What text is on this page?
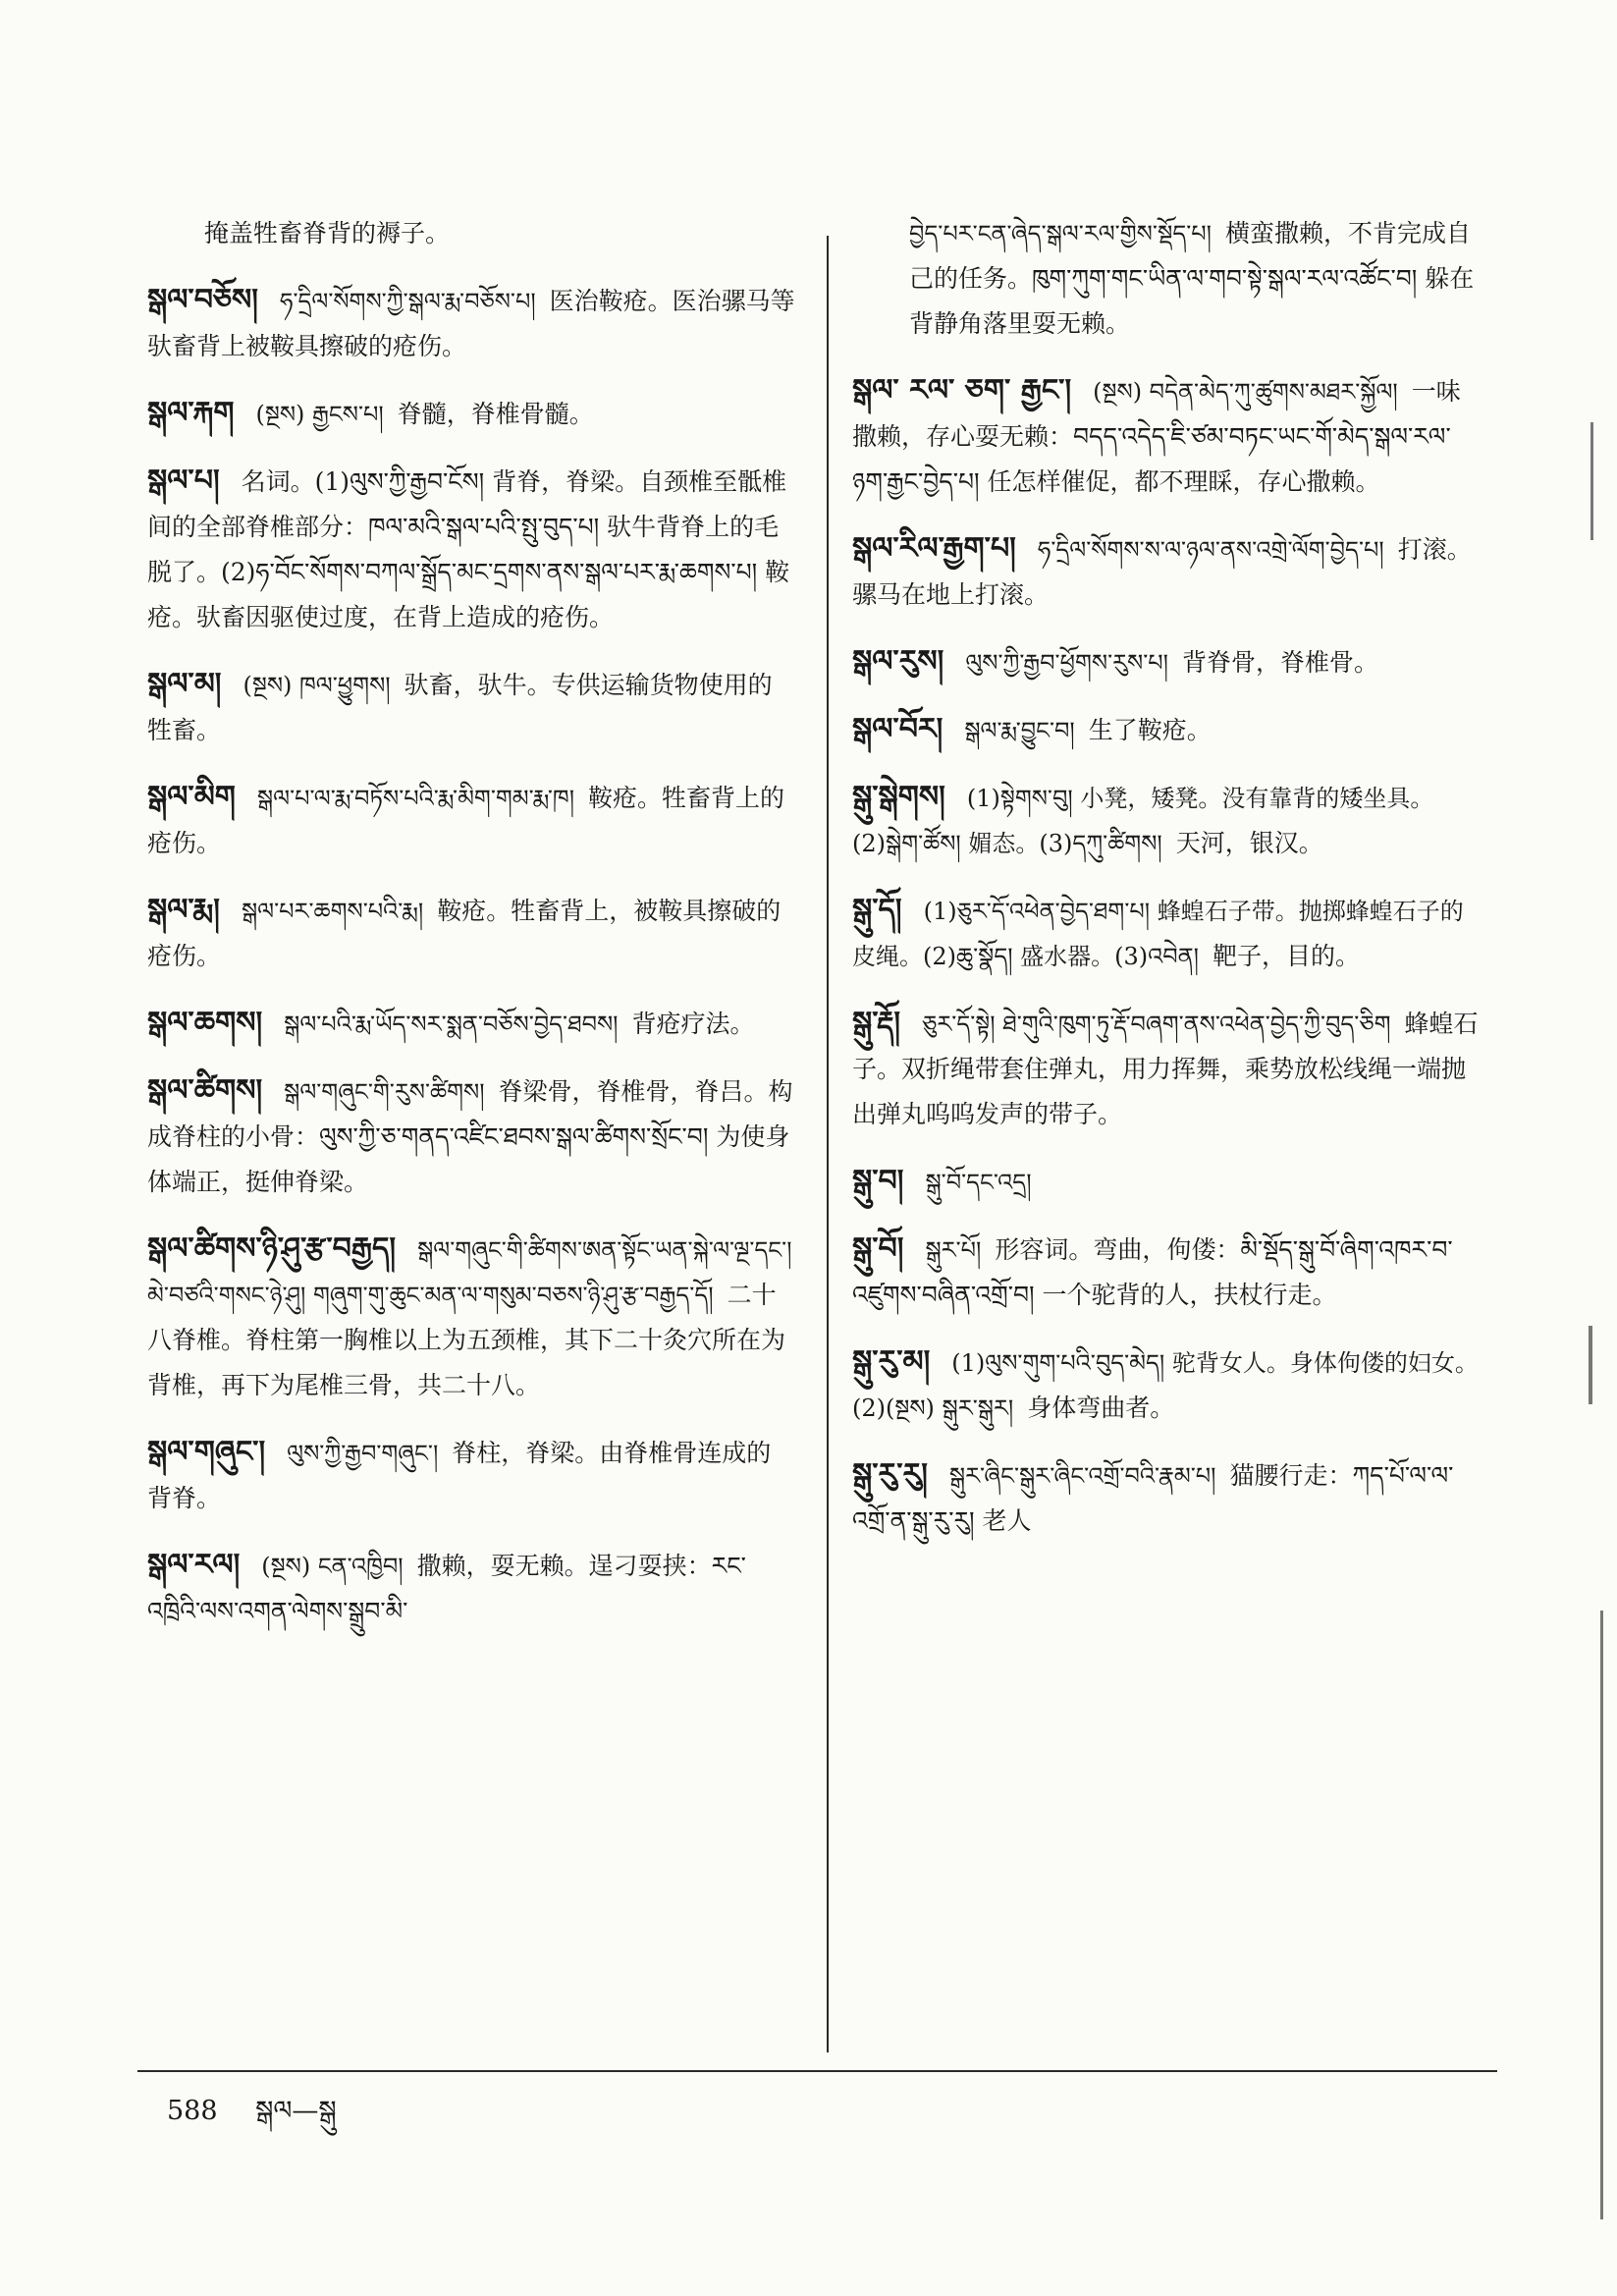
掩盖牲畜脊背的褥子。
སྒལ་བཅོས། ཧ་དྲིལ་སོགས་ཀྱི་སྒལ་རྨ་བཅོས་པ། 医治鞍疮。医治骡马等驮畜背上被鞍具擦破的疮伤。
སྒལ་རྐག (སྔས) རྒྱངས་པ། 脊髓，脊椎骨髓。
སྒལ་པ། 名词。(1)ལུས་ཀྱི་རྒྱབ་ངོས། 背脊，脊梁。自颈椎至骶椎间的全部脊椎部分：ཁལ་མའི་སྒལ་པའི་སྤུ་བུད་པ། 驮牛背脊上的毛脱了。(2)ཧ་བོང་སོགས་བཀལ་སྒྲོད་མང་དྲགས་ནས་སྒལ་པར་རྨ་ཆགས་པ། 鞍疮。驮畜因驱使过度，在背上造成的疮伤。
སྒལ་མ། (སྔས) ཁལ་ཕྱུགས། 驮畜，驮牛。专供运输货物使用的牲畜。
སྒལ་མིག སྒལ་པ་ལ་རྨ་བཏོས་པའི་རྨ་མིག་གམ་རྨ་ཁ། 鞍疮。牲畜背上的疮伤。
སྒལ་རྨ། སྒལ་པར་ཆགས་པའི་རྨ། 鞍疮。牲畜背上，被鞍具擦破的疮伤。
སྒལ་ཆགས། སྒལ་པའི་རྨ་ཡོད་སར་སྨན་བཅོས་བྱེད་ཐབས། 背疮疗法。
སྒལ་ཚིགས། སྒལ་གཞུང་གི་རུས་ཚིགས། 脊梁骨，脊椎骨，脊吕。构成脊柱的小骨：ལུས་ཀྱི་ཅ་གནད་འཛིང་ཐབས་སྒལ་ཚིགས་སྲོང་བ། 为使身体端正，挺伸脊梁。
སྒལ་ཚིགས་ཉི་ཤུ་རྩ་བརྒྱད། སྒལ་གཞུང་གི་ཚིགས་ཨན་སྟོང་ཡན་སྐེ་ལ་ལྔ་དང་། མེ་བཙའི་གསང་ཉེ་ཤུ། གཞུག་གུ་ཆུང་མན་ལ་གསུམ་བཅས་ཉི་ཤུ་རྩ་བརྒྱད་དོ། 二十八脊椎。脊柱第一胸椎以上为五颈椎，其下二十灸穴所在为背椎，再下为尾椎三骨，共二十八。
སྒལ་གཞུང་། ལུས་ཀྱི་རྒྱབ་གཞུང་། 脊柱，脊梁。由脊椎骨连成的背脊。
སྒལ་རལ། (སྔས) ངན་འཁྱིབ། 撒赖，耍无赖。逞刁耍挟：རང་འཁྲིའི་ལས་འགན་ལེགས་སྒྲུབ་མི་
བྱེད་པར་ངན་ཞེད་སྒལ་རལ་གྱིས་སྡོད་པ། 横蛮撒赖，不肯完成自己的任务。ཁུག་ཀུག་གང་ཡིན་ལ་གབ་སྟེ་སྒལ་རལ་འཚོང་བ། 躲在背静角落里耍无赖。
སྒལ་ རལ་ ཅག་ རྒྱང་། (སྔས) བདེན་མེད་ཀུ་ཚུགས་མཐར་སྐྱོལ། 一味撒赖，存心耍无赖：བདད་འདེད་ཇི་ཙམ་བཏང་ཡང་གོ་མེད་སྒལ་རལ་ཉག་རྒྱང་བྱེད་པ། 任怎样催促，都不理睬，存心撒赖。
སྒལ་རིལ་རྒྱག་པ། ཧ་དྲིལ་སོགས་ས་ལ་ཉལ་ནས་འགྲེ་ལོག་བྱེད་པ། 打滚。骡马在地上打滚。
སྒལ་རུས། ལུས་ཀྱི་རྒྱབ་ཕྱོགས་རུས་པ། 背脊骨，脊椎骨。
སྒལ་བོར། སྒལ་རྨ་བྱུང་བ། 生了鞍疮。
སྒུ་སྒེགས། (1)སྟེགས་བུ། 小凳，矮凳。没有靠背的矮坐具。(2)སྒེག་ཚོས། 媚态。(3)དཀུ་ཚིགས། 天河，银汉。
སྒུ་དོ། (1)ཅུར་དོ་འཕེན་བྱེད་ཐག་པ། 蜂蝗石子带。抛掷蜂蝗石子的皮绳。(2)ཆུ་སྣོད། 盛水器。(3)འབེན། 靶子，目的。
སྒུ་རྡོ། ཅུར་དོ་སྟེ། ཐེ་གུའི་ཁུག་ཏུ་རྡོ་བཞག་ནས་འཕེན་བྱེད་ཀྱི་བུད་ཅིག 蜂蝗石子。双折绳带套住弹丸，用力挥舞，乘势放松线绳一端抛出弹丸呜呜发声的带子。
སྒུ་བ། སྒུ་བོ་དང་འདྲ།
སྒུ་བོ། སྒུར་པོ། 形容词。弯曲，佝偻：མི་སྡོད་སྒུ་བོ་ཞིག་འཁར་བ་འཛུགས་བཞིན་འགྲོ་བ། 一个驼背的人，扶杖行走。
སྒུ་རུ་མ། (1)ལུས་གུག་པའི་བུད་མེད། 驼背女人。身体佝偻的妇女。(2)(སྔས) སྒུར་སྒུར། 身体弯曲者。
སྒུ་རུ་རུ། སྒུར་ཞིང་སྒུར་ཞིང་འགྲོ་བའི་རྣམ་པ། 猫腰行走：ཀད་པོ་ལ་ལ་འགྲོ་ན་སྒུ་རུ་རུ། 老人
588 སྒལ—སྒུ
